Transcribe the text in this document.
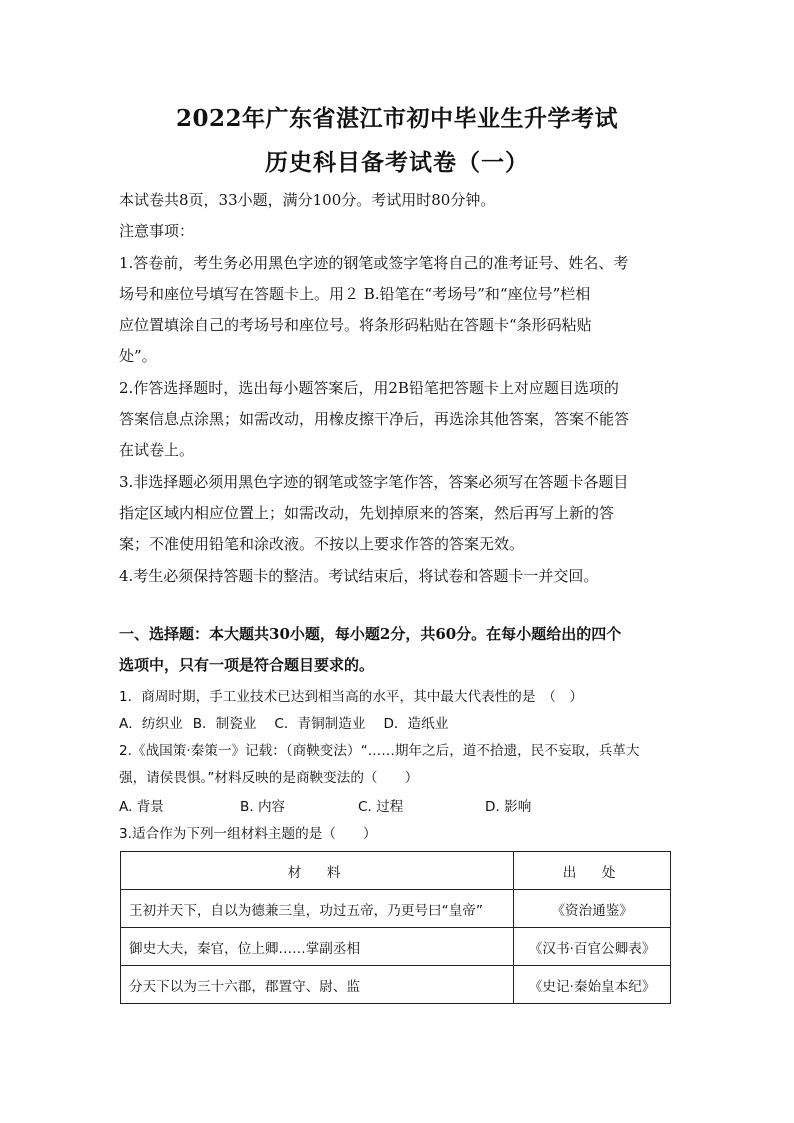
2022年广东省湛江市初中毕业生升学考试
历史科目备考试卷（一）

本试卷共8页，33小题，满分100分。考试用时80分钟。

注意事项：

1.答卷前，考生务必用黑色字迹的钢笔或签字笔将自己的准考证号、姓名、考

场号和座位号填写在答题卡上。用２ B.铅笔在“考场号”和“座位号”栏相

应位置填涂自己的考场号和座位号。将条形码粘贴在答题卡“条形码粘贴

处”。

2.作答选择题时，选出每小题答案后，用2B铅笔把答题卡上对应题目选项的

答案信息点涂黑；如需改动，用橡皮擦干净后，再选涂其他答案，答案不能答

在试卷上。

3.非选择题必须用黑色字迹的钢笔或签字笔作答，答案必须写在答题卡各题目

指定区域内相应位置上；如需改动，先划掉原来的答案，然后再写上新的答

案；不准使用铅笔和涂改液。不按以上要求作答的答案无效。

4.考生必须保持答题卡的整洁。考试结束后，将试卷和答题卡一并交回。

一、选择题：本大题共30小题，每小题2分，共60分。在每小题给出的四个

选项中，只有一项是符合题目要求的。

1．商周时期，手工业技术已达到相当高的水平，其中最大代表性的是　（　）

A．纺织业 B．制瓷业 C．青铜制造业 D．造纸业

2.《战国策·秦策一》记载：（商鞅变法）“……期年之后，道不拾遗，民不妄取，兵革大

强，请侯畏惧。”材料反映的是商鞅变法的（　　）

A. 背景	B. 内容	C. 过程	D. 影响

3.适合作为下列一组材料主题的是（　　）

材　料	出　处
王初并天下，自以为德兼三皇，功过五帝，乃更号曰“皇帝”	《资治通鉴》
御史大夫，秦官，位上卿……掌副丞相	《汉书·百官公卿表》
分天下以为三十六郡，郡置守、尉、监	《史记·秦始皇本纪》
